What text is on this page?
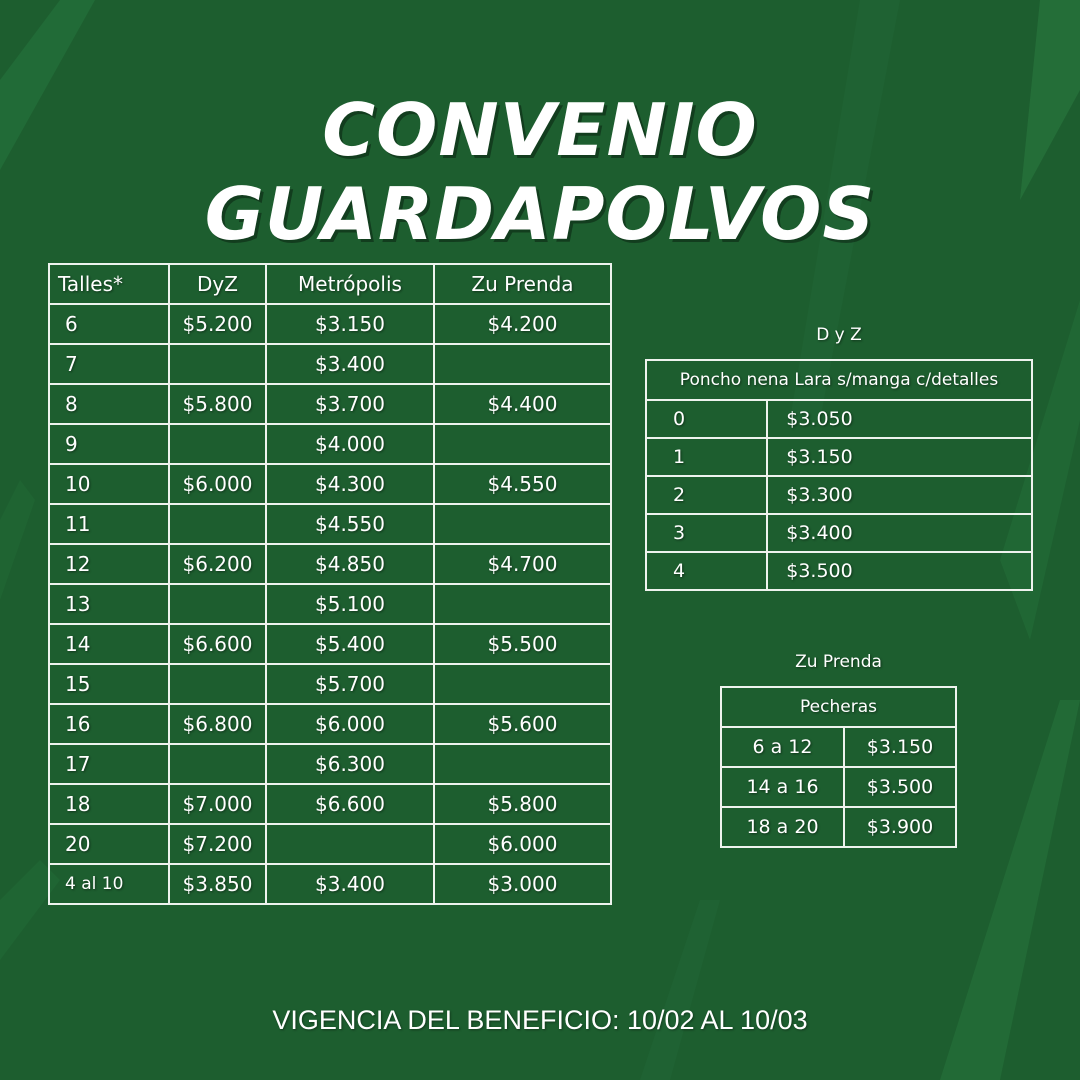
CONVENIO GUARDAPOLVOS
Talles*	DyZ	Metrópolis	Zu Prenda
6	$5.200	$3.150	$4.200
7		$3.400	
8	$5.800	$3.700	$4.400
9		$4.000	
10	$6.000	$4.300	$4.550
11		$4.550	
12	$6.200	$4.850	$4.700
13		$5.100	
14	$6.600	$5.400	$5.500
15		$5.700	
16	$6.800	$6.000	$5.600
17		$6.300	
18	$7.000	$6.600	$5.800
20	$7.200		$6.000
4 al 10	$3.850	$3.400	$3.000
D y Z
Poncho nena Lara s/manga c/detalles	
0	$3.050
1	$3.150
2	$3.300
3	$3.400
4	$3.500
Zu Prenda
Pecheras	
6 a 12	$3.150
14 a 16	$3.500
18 a 20	$3.900
VIGENCIA DEL BENEFICIO: 10/02 AL 10/03
